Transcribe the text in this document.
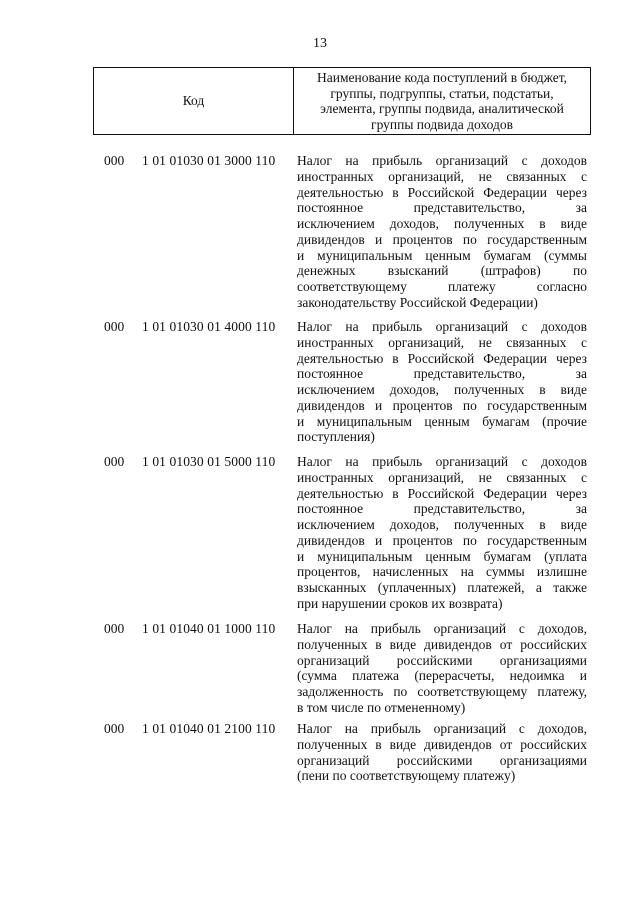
13
Код
Наименование кода поступлений в бюджет,
группы, подгруппы, статьи, подстатьи,
элемента, группы подвида, аналитической
группы подвида доходов
000 1 01 01030 01 3000 110 Налог на прибыль организаций с доходов
иностранных организаций, не связанных с
деятельностью в Российской Федерации через
постоянное представительство, за
исключением доходов, полученных в виде
дивидендов и процентов по государственным
и муниципальным ценным бумагам (суммы
денежных взысканий (штрафов) по
соответствующему платежу согласно
законодательству Российской Федерации)
000 1 01 01030 01 4000 110 Налог на прибыль организаций с доходов
иностранных организаций, не связанных с
деятельностью в Российской Федерации через
постоянное представительство, за
исключением доходов, полученных в виде
дивидендов и процентов по государственным
и муниципальным ценным бумагам (прочие
поступления)
000 1 01 01030 01 5000 110 Налог на прибыль организаций с доходов
иностранных организаций, не связанных с
деятельностью в Российской Федерации через
постоянное представительство, за
исключением доходов, полученных в виде
дивидендов и процентов по государственным
и муниципальным ценным бумагам (уплата
процентов, начисленных на суммы излишне
взысканных (уплаченных) платежей, а также
при нарушении сроков их возврата)
000 1 01 01040 01 1000 110 Налог на прибыль организаций с доходов,
полученных в виде дивидендов от российских
организаций российскими организациями
(сумма платежа (перерасчеты, недоимка и
задолженность по соответствующему платежу,
в том числе по отмененному)
000 1 01 01040 01 2100 110 Налог на прибыль организаций с доходов,
полученных в виде дивидендов от российских
организаций российскими организациями
(пени по соответствующему платежу)
